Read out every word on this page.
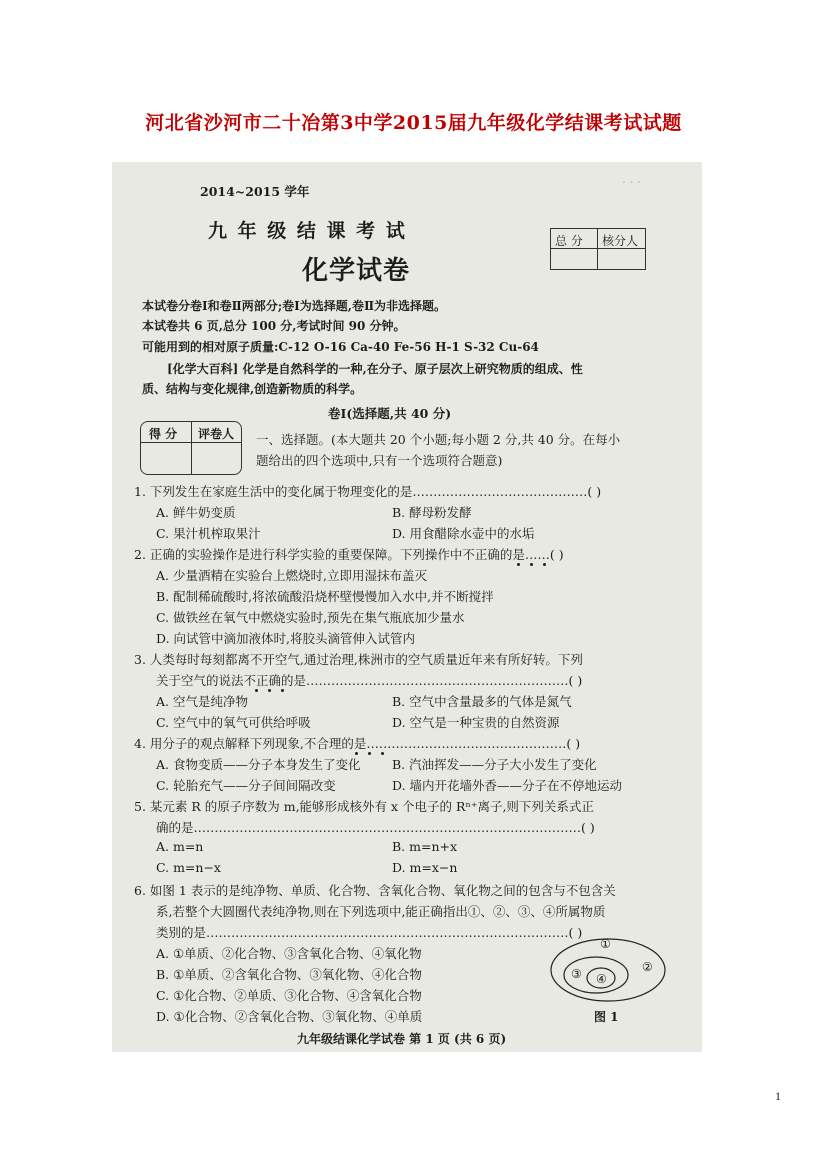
河北省沙河市二十冶第3中学2015届九年级化学结课考试试题
. . .
2014~2015 学年
九 年 级 结 课 考 试
化学试卷
总 分 核分人
本试卷分卷Ⅰ和卷Ⅱ两部分;卷Ⅰ为选择题,卷Ⅱ为非选择题。
本试卷共 6 页,总分 100 分,考试时间 90 分钟。
可能用到的相对原子质量:C-12 O-16 Ca-40 Fe-56 H-1 S-32 Cu-64
[化学大百科] 化学是自然科学的一种,在分子、原子层次上研究物质的组成、性
质、结构与变化规律,创造新物质的科学。
卷Ⅰ(选择题,共 40 分)
得 分 评卷人 一、选择题。(本大题共 20 个小题;每小题 2 分,共 40 分。在每小
题给出的四个选项中,只有一个选项符合题意)
1. 下列发生在家庭生活中的变化属于物理变化的是……………………………………( )
A. 鲜牛奶变质	B. 酵母粉发酵
C. 果汁机榨取果汁	D. 用食醋除水壶中的水垢
2. 正确的实验操作是进行科学实验的重要保障。下列操作中不正确的是……( )
A. 少量酒精在实验台上燃烧时,立即用湿抹布盖灭
B. 配制稀硫酸时,将浓硫酸沿烧杯壁慢慢加入水中,并不断搅拌
C. 做铁丝在氧气中燃烧实验时,预先在集气瓶底加少量水
D. 向试管中滴加液体时,将胶头滴管伸入试管内
3. 人类每时每刻都离不开空气,通过治理,株洲市的空气质量近年来有所好转。下列
关于空气的说法不正确的是………………………………………………………( )
A. 空气是纯净物	B. 空气中含量最多的气体是氮气
C. 空气中的氧气可供给呼吸	D. 空气是一种宝贵的自然资源
4. 用分子的观点解释下列现象,不合理的是…………………………………………( )
A. 食物变质——分子本身发生了变化	B. 汽油挥发——分子大小发生了变化
C. 轮胎充气——分子间间隔改变	D. 墙内开花墙外香——分子在不停地运动
5. 某元素 R 的原子序数为 m,能够形成核外有 x 个电子的 Rⁿ⁺离子,则下列关系式正
确的是…………………………………………………………………………………( )
A. m=n	B. m=n+x
C. m=n−x	D. m=x−n
6. 如图 1 表示的是纯净物、单质、化合物、含氧化合物、氧化物之间的包含与不包含关
系,若整个大圆圈代表纯净物,则在下列选项中,能正确指出①、②、③、④所属物质
类别的是……………………………………………………………………………( )
A. ①单质、②化合物、③含氧化合物、④氧化物
B. ①单质、②含氧化合物、③氧化物、④化合物
C. ①化合物、②单质、③化合物、④含氧化合物
D. ①化合物、②含氧化合物、③氧化物、④单质
①
②
③ ④
图 1
九年级结课化学试卷 第 1 页 (共 6 页)
1
